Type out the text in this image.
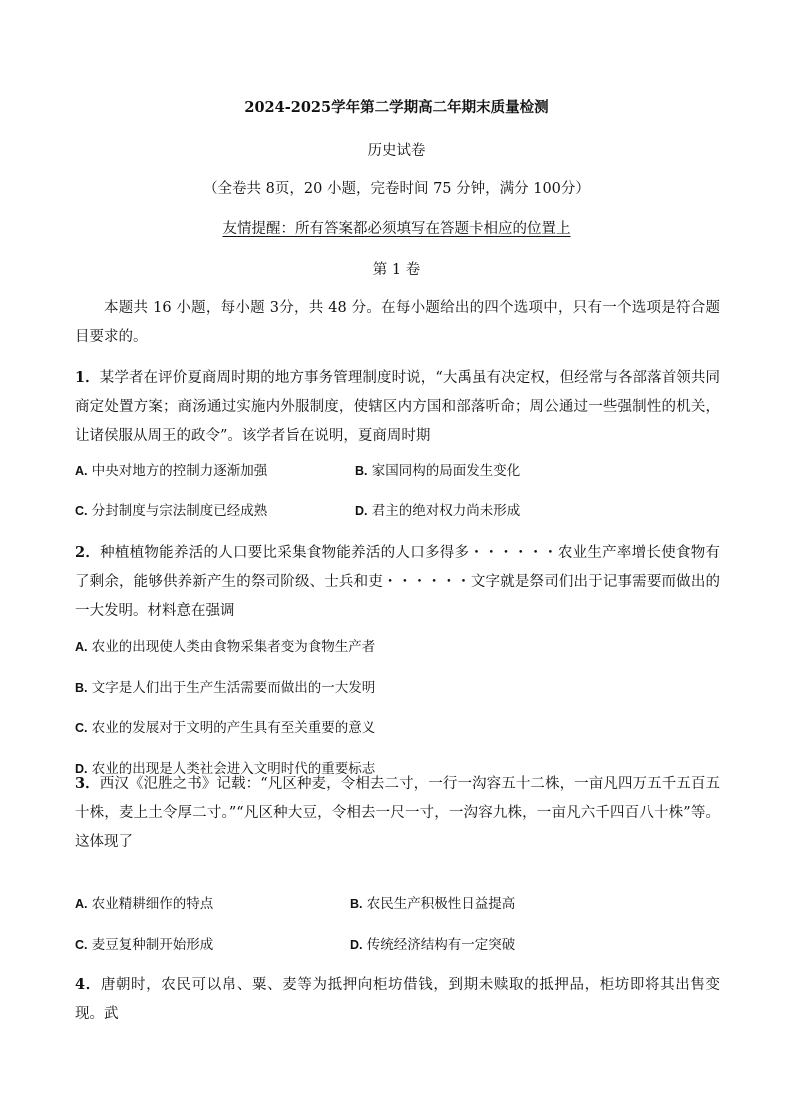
2024-2025学年第二学期高二年期末质量检测
历史试卷
（全卷共 8页，20 小题，完卷时间 75 分钟，满分 100分）
友情提醒：所有答案都必须填写在答题卡相应的位置上
第 1 卷
本题共 16 小题，每小题 3分，共 48 分。在每小题给出的四个选项中，只有一个选项是符合题目要求的。
1．某学者在评价夏商周时期的地方事务管理制度时说，“大禹虽有决定权，但经常与各部落首领共同商定处置方案；商汤通过实施内外服制度，使辖区内方国和部落听命；周公通过一些强制性的机关，让诸侯服从周王的政令”。该学者旨在说明，夏商周时期
A. 中央对地方的控制力逐渐加强	B. 家国同构的局面发生变化
C. 分封制度与宗法制度已经成熟	D. 君主的绝对权力尚未形成
2．种植植物能养活的人口要比采集食物能养活的人口多得多・・・・・・农业生产率增长使食物有了剩余，能够供养新产生的祭司阶级、士兵和吏・・・・・・文字就是祭司们出于记事需要而做出的一大发明。材料意在强调
A. 农业的出现使人类由食物采集者变为食物生产者
B. 文字是人们出于生产生活需要而做出的一大发明
C. 农业的发展对于文明的产生具有至关重要的意义
D. 农业的出现是人类社会进入文明时代的重要标志
3．西汉《氾胜之书》记载：“凡区种麦，令相去二寸，一行一沟容五十二株，一亩凡四万五千五百五十株，麦上土令厚二寸。”“凡区种大豆，令相去一尺一寸，一沟容九株，一亩凡六千四百八十株”等。这体现了
A. 农业精耕细作的特点	B. 农民生产积极性日益提高
C. 麦豆复种制开始形成	D. 传统经济结构有一定突破
4．唐朝时，农民可以帛、粟、麦等为抵押向柜坊借钱，到期未赎取的抵押品，柜坊即将其出售变现。武
